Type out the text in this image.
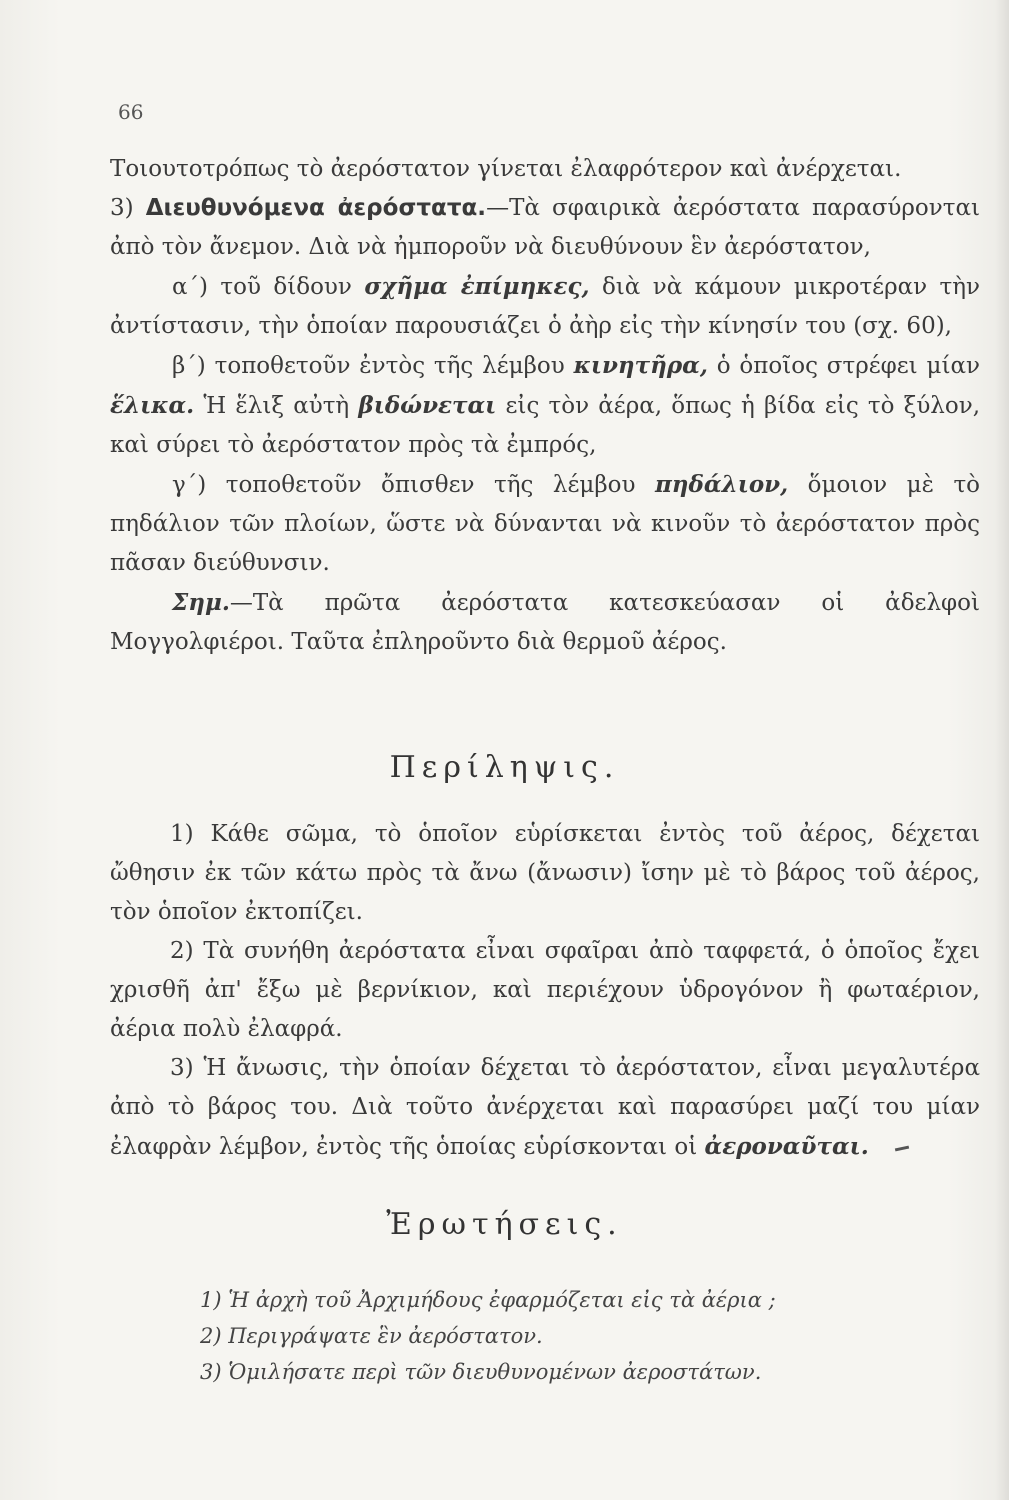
66

Τοιουτοτρόπως τὸ ἀερόστατον γίνεται ἐλαφρότερον καὶ ἀνέρχεται.

3) Διευθυνόμενα ἀερόστατα.—Τὰ σφαιρικὰ ἀερόστατα παρασύρονται ἀπὸ τὸν ἄνεμον. Διὰ νὰ ἠμποροῦν νὰ διευθύνουν ἓν ἀερόστατον,

α΄) τοῦ δίδουν σχῆμα ἐπίμηκες, διὰ νὰ κάμουν μικροτέραν τὴν ἀντίστασιν, τὴν ὁποίαν παρουσιάζει ὁ ἀὴρ εἰς τὴν κίνησίν του (σχ. 60),

β΄) τοποθετοῦν ἐντὸς τῆς λέμβου κινητῆρα, ὁ ὁποῖος στρέφει μίαν ἕλικα. Ἡ ἕλιξ αὐτὴ βιδώνεται εἰς τὸν ἀέρα, ὅπως ἡ βίδα εἰς τὸ ξύλον, καὶ σύρει τὸ ἀερόστατον πρὸς τὰ ἐμπρός,

γ΄) τοποθετοῦν ὄπισθεν τῆς λέμβου πηδάλιον, ὅμοιον μὲ τὸ πηδάλιον τῶν πλοίων, ὥστε νὰ δύνανται νὰ κινοῦν τὸ ἀερόστατον πρὸς πᾶσαν διεύθυνσιν.

Σημ.—Τὰ πρῶτα ἀερόστατα κατεσκεύασαν οἱ ἀδελφοὶ Μογγολφιέροι. Ταῦτα ἐπληροῦντο διὰ θερμοῦ ἀέρος.

Περίληψις.

1) Κάθε σῶμα, τὸ ὁποῖον εὑρίσκεται ἐντὸς τοῦ ἀέρος, δέχεται ὤθησιν ἐκ τῶν κάτω πρὸς τὰ ἄνω (ἄνωσιν) ἴσην μὲ τὸ βάρος τοῦ ἀέρος, τὸν ὁποῖον ἐκτοπίζει.

2) Τὰ συνήθη ἀερόστατα εἶναι σφαῖραι ἀπὸ ταφφετά, ὁ ὁποῖος ἔχει χρισθῆ ἀπ' ἔξω μὲ βερνίκιον, καὶ περιέχουν ὑδρογόνον ἢ φωταέριον, ἀέρια πολὺ ἐλαφρά.

3) Ἡ ἄνωσις, τὴν ὁποίαν δέχεται τὸ ἀερόστατον, εἶναι μεγαλυτέρα ἀπὸ τὸ βάρος του. Διὰ τοῦτο ἀνέρχεται καὶ παρασύρει μαζί του μίαν ἐλαφρὰν λέμβον, ἐντὸς τῆς ὁποίας εὑρίσκονται οἱ ἀεροναῦται.

Ἐρωτήσεις.

1) Ἡ ἀρχὴ τοῦ Ἀρχιμήδους ἐφαρμόζεται εἰς τὰ ἀέρια ;

2) Περιγράψατε ἓν ἀερόστατον.

3) Ὁμιλήσατε περὶ τῶν διευθυνομένων ἀεροστάτων.
